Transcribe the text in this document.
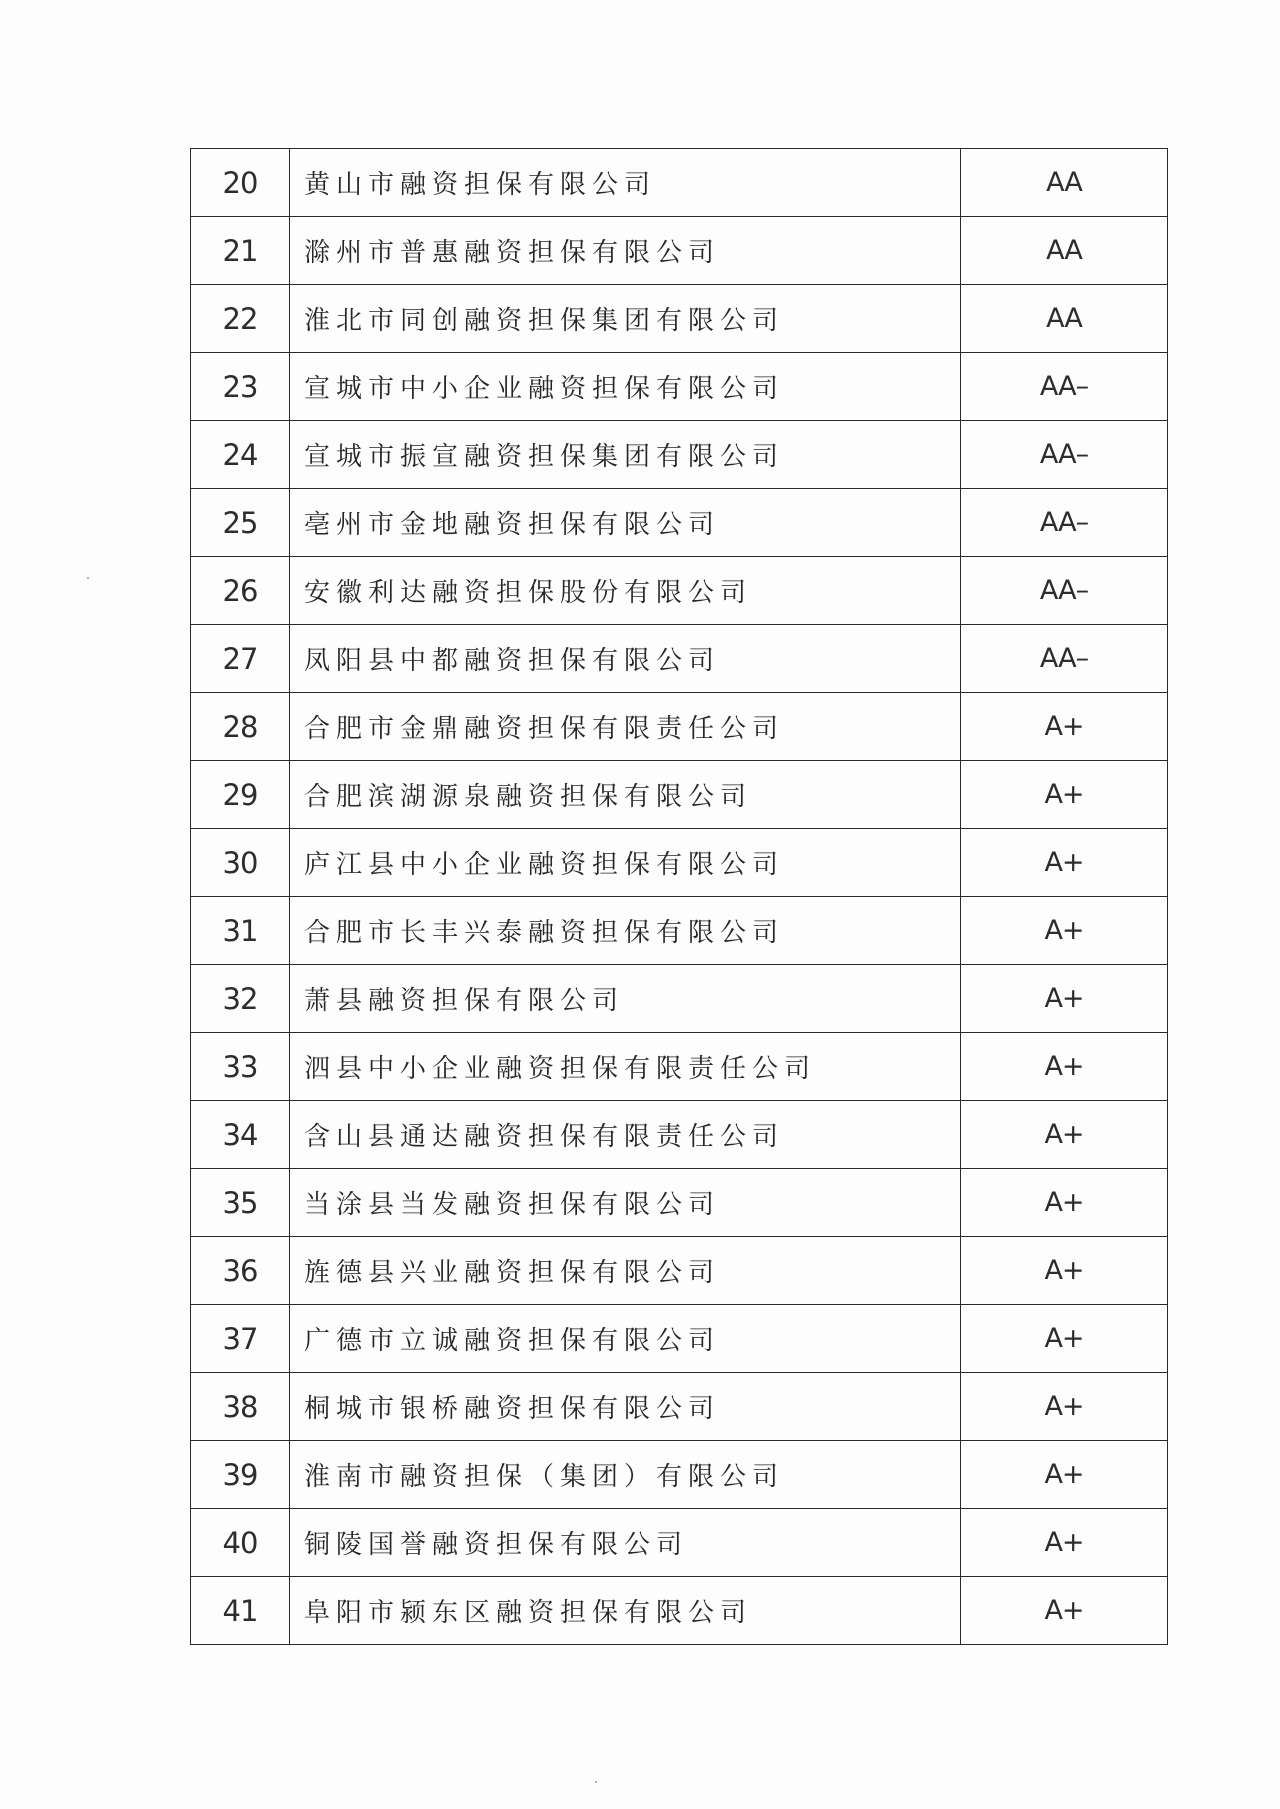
20	黄山市融资担保有限公司	AA
21	滁州市普惠融资担保有限公司	AA
22	淮北市同创融资担保集团有限公司	AA
23	宣城市中小企业融资担保有限公司	AA–
24	宣城市振宣融资担保集团有限公司	AA–
25	亳州市金地融资担保有限公司	AA–
26	安徽利达融资担保股份有限公司	AA–
27	凤阳县中都融资担保有限公司	AA–
28	合肥市金鼎融资担保有限责任公司	A+
29	合肥滨湖源泉融资担保有限公司	A+
30	庐江县中小企业融资担保有限公司	A+
31	合肥市长丰兴泰融资担保有限公司	A+
32	萧县融资担保有限公司	A+
33	泗县中小企业融资担保有限责任公司	A+
34	含山县通达融资担保有限责任公司	A+
35	当涂县当发融资担保有限公司	A+
36	旌德县兴业融资担保有限公司	A+
37	广德市立诚融资担保有限公司	A+
38	桐城市银桥融资担保有限公司	A+
39	淮南市融资担保（集团）有限公司	A+
40	铜陵国誉融资担保有限公司	A+
41	阜阳市颍东区融资担保有限公司	A+
